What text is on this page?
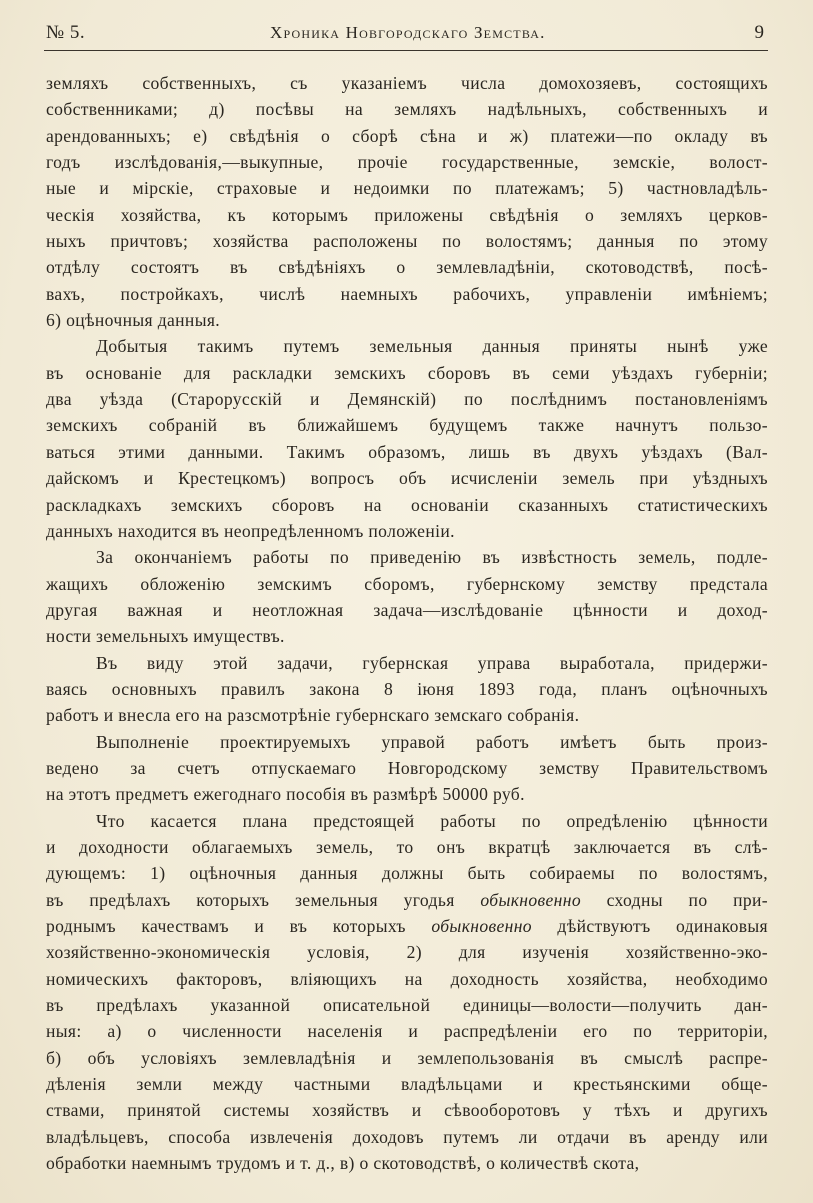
№ 5.	Хроника Новгородскаго Земства.	9
земляхъ собственныхъ, съ указаніемъ числа домохозяевъ, состоящихъ
собственниками; д) посѣвы на земляхъ надѣльныхъ, собственныхъ и
арендованныхъ; е) свѣдѣнія о сборѣ сѣна и ж) платежи—по окладу въ
годъ изслѣдованія,—выкупные, прочіе государственные, земскіе, волост-
ные и мірскіе, страховые и недоимки по платежамъ; 5) частновладѣль-
ческія хозяйства, къ которымъ приложены свѣдѣнія о земляхъ церков-
ныхъ причтовъ; хозяйства расположены по волостямъ; данныя по этому
отдѣлу состоятъ въ свѣдѣніяхъ о землевладѣніи, скотоводствѣ, посѣ-
вахъ, постройкахъ, числѣ наемныхъ рабочихъ, управленіи имѣніемъ;
6) оцѣночныя данныя.
Добытыя такимъ путемъ земельныя данныя приняты нынѣ уже
въ основаніе для раскладки земскихъ сборовъ въ семи уѣздахъ губерніи;
два уѣзда (Старорусскій и Демянскій) по послѣднимъ постановленіямъ
земскихъ собраній въ ближайшемъ будущемъ также начнутъ пользо-
ваться этими данными. Такимъ образомъ, лишь въ двухъ уѣздахъ (Вал-
дайскомъ и Крестецкомъ) вопросъ объ исчисленіи земель при уѣздныхъ
раскладкахъ земскихъ сборовъ на основаніи сказанныхъ статистическихъ
данныхъ находится въ неопредѣленномъ положеніи.
За окончаніемъ работы по приведенію въ извѣстность земель, подле-
жащихъ обложенію земскимъ сборомъ, губернскому земству предстала
другая важная и неотложная задача—изслѣдованіе цѣнности и доход-
ности земельныхъ имуществъ.
Въ виду этой задачи, губернская управа выработала, придержи-
ваясь основныхъ правилъ закона 8 іюня 1893 года, планъ оцѣночныхъ
работъ и внесла его на разсмотрѣніе губернскаго земскаго собранія.
Выполненіе проектируемыхъ управой работъ имѣетъ быть произ-
ведено за счетъ отпускаемаго Новгородскому земству Правительствомъ
на этотъ предметъ ежегоднаго пособія въ размѣрѣ 50000 руб.
Что касается плана предстоящей работы по опредѣленію цѣнности
и доходности облагаемыхъ земель, то онъ вкратцѣ заключается въ слѣ-
дующемъ: 1) оцѣночныя данныя должны быть собираемы по волостямъ,
въ предѣлахъ которыхъ земельныя угодья обыкновенно сходны по при-
роднымъ качествамъ и въ которыхъ обыкновенно дѣйствуютъ одинаковыя
хозяйственно-экономическія условія, 2) для изученія хозяйственно-эко-
номическихъ факторовъ, вліяющихъ на доходность хозяйства, необходимо
въ предѣлахъ указанной описательной единицы—волости—получить дан-
ныя: а) о численности населенія и распредѣленіи его по территоріи,
б) объ условіяхъ землевладѣнія и землепользованія въ смыслѣ распре-
дѣленія земли между частными владѣльцами и крестьянскими обще-
ствами, принятой системы хозяйствъ и сѣвооборотовъ у тѣхъ и другихъ
владѣльцевъ, способа извлеченія доходовъ путемъ ли отдачи въ аренду или
обработки наемнымъ трудомъ и т. д., в) о скотоводствѣ, о количествѣ скота,
